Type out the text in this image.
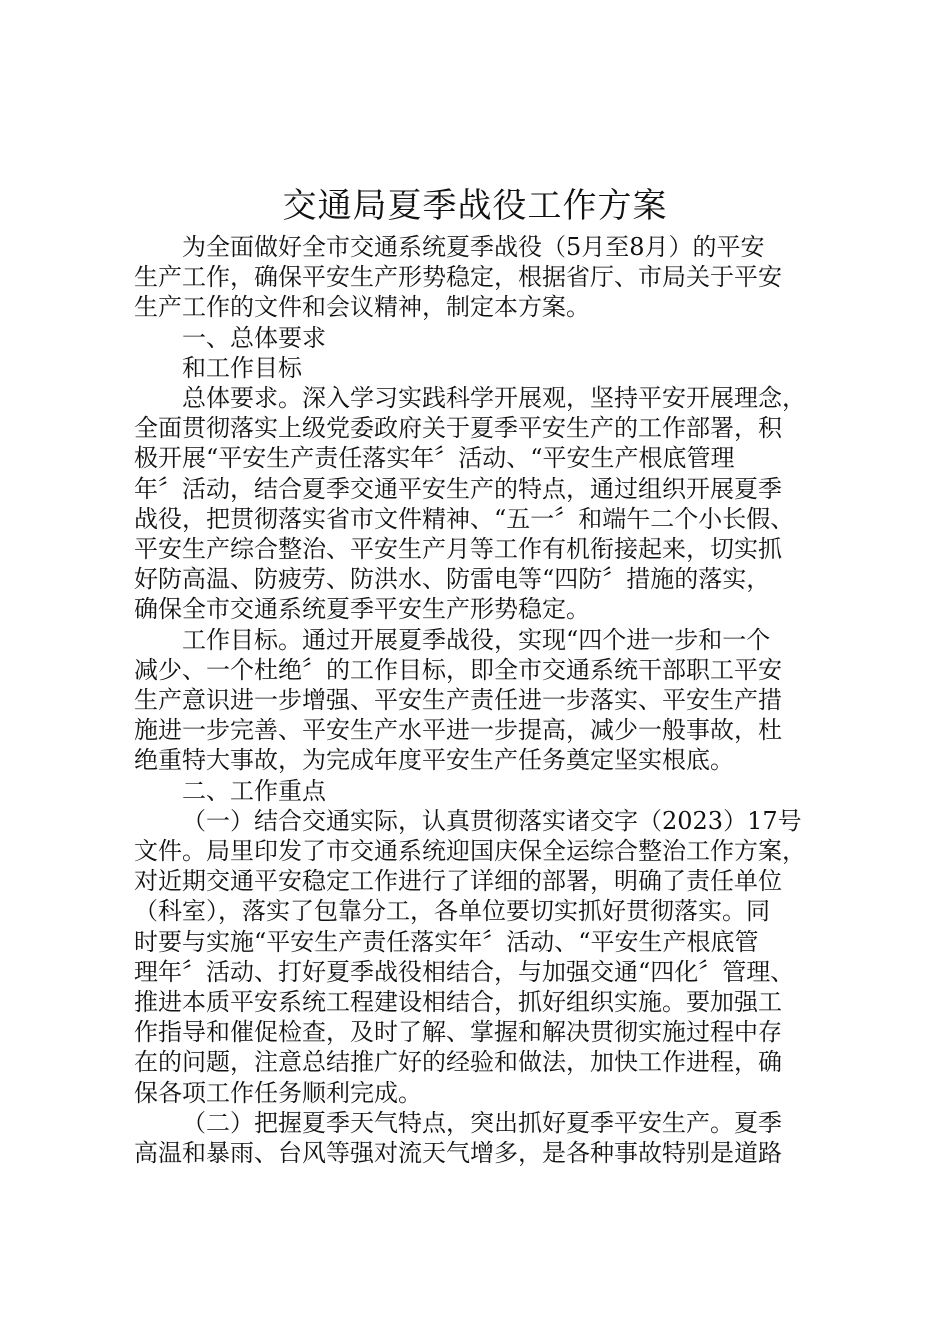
交通局夏季战役工作方案

为全面做好全市交通系统夏季战役（5月至8月）的平安
生产工作，确保平安生产形势稳定，根据省厅、市局关于平安
生产工作的文件和会议精神，制定本方案。

一、总体要求

和工作目标

总体要求。深入学习实践科学开展观，坚持平安开展理念，
全面贯彻落实上级党委政府关于夏季平安生产的工作部署，积
极开展“平安生产责任落实年〞活动、“平安生产根底管理
年〞活动，结合夏季交通平安生产的特点，通过组织开展夏季
战役，把贯彻落实省市文件精神、“五一〞和端午二个小长假、
平安生产综合整治、平安生产月等工作有机衔接起来，切实抓
好防高温、防疲劳、防洪水、防雷电等“四防〞措施的落实，
确保全市交通系统夏季平安生产形势稳定。

工作目标。通过开展夏季战役，实现“四个进一步和一个
减少、一个杜绝〞的工作目标，即全市交通系统干部职工平安
生产意识进一步增强、平安生产责任进一步落实、平安生产措
施进一步完善、平安生产水平进一步提高，减少一般事故，杜
绝重特大事故，为完成年度平安生产任务奠定坚实根底。

二、工作重点

（一）结合交通实际，认真贯彻落实诸交字（2023）17号
文件。局里印发了市交通系统迎国庆保全运综合整治工作方案，
对近期交通平安稳定工作进行了详细的部署，明确了责任单位
（科室），落实了包靠分工，各单位要切实抓好贯彻落实。同
时要与实施“平安生产责任落实年〞活动、“平安生产根底管
理年〞活动、打好夏季战役相结合，与加强交通“四化〞管理、
推进本质平安系统工程建设相结合，抓好组织实施。要加强工
作指导和催促检查，及时了解、掌握和解决贯彻实施过程中存
在的问题，注意总结推广好的经验和做法，加快工作进程，确
保各项工作任务顺利完成。

（二）把握夏季天气特点，突出抓好夏季平安生产。夏季
高温和暴雨、台风等强对流天气增多，是各种事故特别是道路
